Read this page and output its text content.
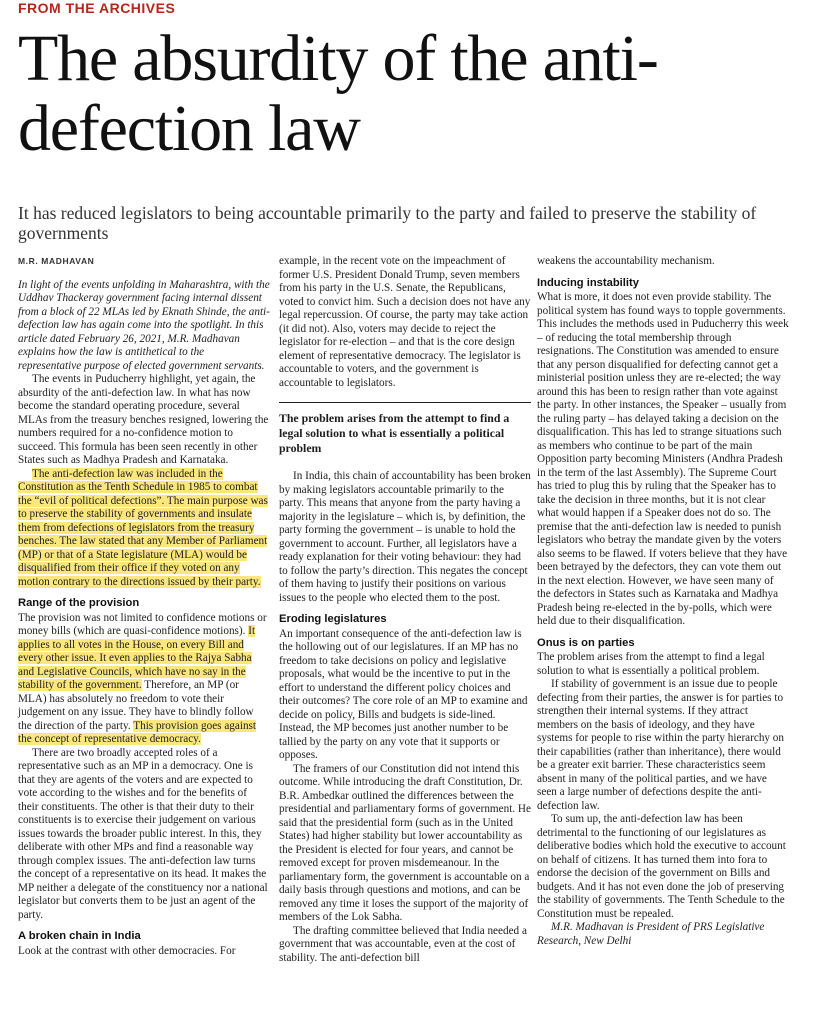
FROM THE ARCHIVES
The absurdity of the anti-defection law
It has reduced legislators to being accountable primarily to the party and failed to preserve the stability of governments
M.R. MADHAVAN

In light of the events unfolding in Maharashtra, with the Uddhav Thackeray government facing internal dissent from a block of 22 MLAs led by Eknath Shinde, the anti-defection law has again come into the spotlight. In this article dated February 26, 2021, M.R. Madhavan explains how the law is antithetical to the representative purpose of elected government servants.

The events in Puducherry highlight, yet again, the absurdity of the anti-defection law. In what has now become the standard operating procedure, several MLAs from the treasury benches resigned, lowering the numbers required for a no-confidence motion to succeed. This formula has been seen recently in other States such as Madhya Pradesh and Karnataka.

The anti-defection law was included in the Constitution as the Tenth Schedule in 1985 to combat the “evil of political defections”. The main purpose was to preserve the stability of governments and insulate them from defections of legislators from the treasury benches. The law stated that any Member of Parliament (MP) or that of a State legislature (MLA) would be disqualified from their office if they voted on any motion contrary to the directions issued by their party.

Range of the provision

The provision was not limited to confidence motions or money bills (which are quasi-confidence motions). It applies to all votes in the House, on every Bill and every other issue. It even applies to the Rajya Sabha and Legislative Councils, which have no say in the stability of the government. Therefore, an MP (or MLA) has absolutely no freedom to vote their judgement on any issue. They have to blindly follow the direction of the party. This provision goes against the concept of representative democracy.

There are two broadly accepted roles of a representative such as an MP in a democracy. One is that they are agents of the voters and are expected to vote according to the wishes and for the benefits of their constituents. The other is that their duty to their constituents is to exercise their judgement on various issues towards the broader public interest. In this, they deliberate with other MPs and find a reasonable way through complex issues. The anti-defection law turns the concept of a representative on its head. It makes the MP neither a delegate of the constituency nor a national legislator but converts them to be just an agent of the party.

A broken chain in India

Look at the contrast with other democracies. For

example, in the recent vote on the impeachment of former U.S. President Donald Trump, seven members from his party in the U.S. Senate, the Republicans, voted to convict him. Such a decision does not have any legal repercussion. Of course, the party may take action (it did not). Also, voters may decide to reject the legislator for re-election – and that is the core design element of representative democracy. The legislator is accountable to voters, and the government is accountable to legislators.

The problem arises from the attempt to find a legal solution to what is essentially a political problem

In India, this chain of accountability has been broken by making legislators accountable primarily to the party. This means that anyone from the party having a majority in the legislature – which is, by definition, the party forming the government – is unable to hold the government to account. Further, all legislators have a ready explanation for their voting behaviour: they had to follow the party’s direction. This negates the concept of them having to justify their positions on various issues to the people who elected them to the post.

Eroding legislatures

An important consequence of the anti-defection law is the hollowing out of our legislatures. If an MP has no freedom to take decisions on policy and legislative proposals, what would be the incentive to put in the effort to understand the different policy choices and their outcomes? The core role of an MP to examine and decide on policy, Bills and budgets is side-lined. Instead, the MP becomes just another number to be tallied by the party on any vote that it supports or opposes.

The framers of our Constitution did not intend this outcome. While introducing the draft Constitution, Dr. B.R. Ambedkar outlined the differences between the presidential and parliamentary forms of government. He said that the presidential form (such as in the United States) had higher stability but lower accountability as the President is elected for four years, and cannot be removed except for proven misdemeanour. In the parliamentary form, the government is accountable on a daily basis through questions and motions, and can be removed any time it loses the support of the majority of members of the Lok Sabha.

The drafting committee believed that India needed a government that was accountable, even at the cost of stability. The anti-defection bill

weakens the accountability mechanism.

Inducing instability

What is more, it does not even provide stability. The political system has found ways to topple governments. This includes the methods used in Puducherry this week – of reducing the total membership through resignations. The Constitution was amended to ensure that any person disqualified for defecting cannot get a ministerial position unless they are re-elected; the way around this has been to resign rather than vote against the party. In other instances, the Speaker – usually from the ruling party – has delayed taking a decision on the disqualification. This has led to strange situations such as members who continue to be part of the main Opposition party becoming Ministers (Andhra Pradesh in the term of the last Assembly). The Supreme Court has tried to plug this by ruling that the Speaker has to take the decision in three months, but it is not clear what would happen if a Speaker does not do so. The premise that the anti-defection law is needed to punish legislators who betray the mandate given by the voters also seems to be flawed. If voters believe that they have been betrayed by the defectors, they can vote them out in the next election. However, we have seen many of the defectors in States such as Karnataka and Madhya Pradesh being re-elected in the by-polls, which were held due to their disqualification.

Onus is on parties

The problem arises from the attempt to find a legal solution to what is essentially a political problem.

If stability of government is an issue due to people defecting from their parties, the answer is for parties to strengthen their internal systems. If they attract members on the basis of ideology, and they have systems for people to rise within the party hierarchy on their capabilities (rather than inheritance), there would be a greater exit barrier. These characteristics seem absent in many of the political parties, and we have seen a large number of defections despite the anti-defection law.

To sum up, the anti-defection law has been detrimental to the functioning of our legislatures as deliberative bodies which hold the executive to account on behalf of citizens. It has turned them into fora to endorse the decision of the government on Bills and budgets. And it has not even done the job of preserving the stability of governments. The Tenth Schedule to the Constitution must be repealed.

M.R. Madhavan is President of PRS Legislative Research, New Delhi
